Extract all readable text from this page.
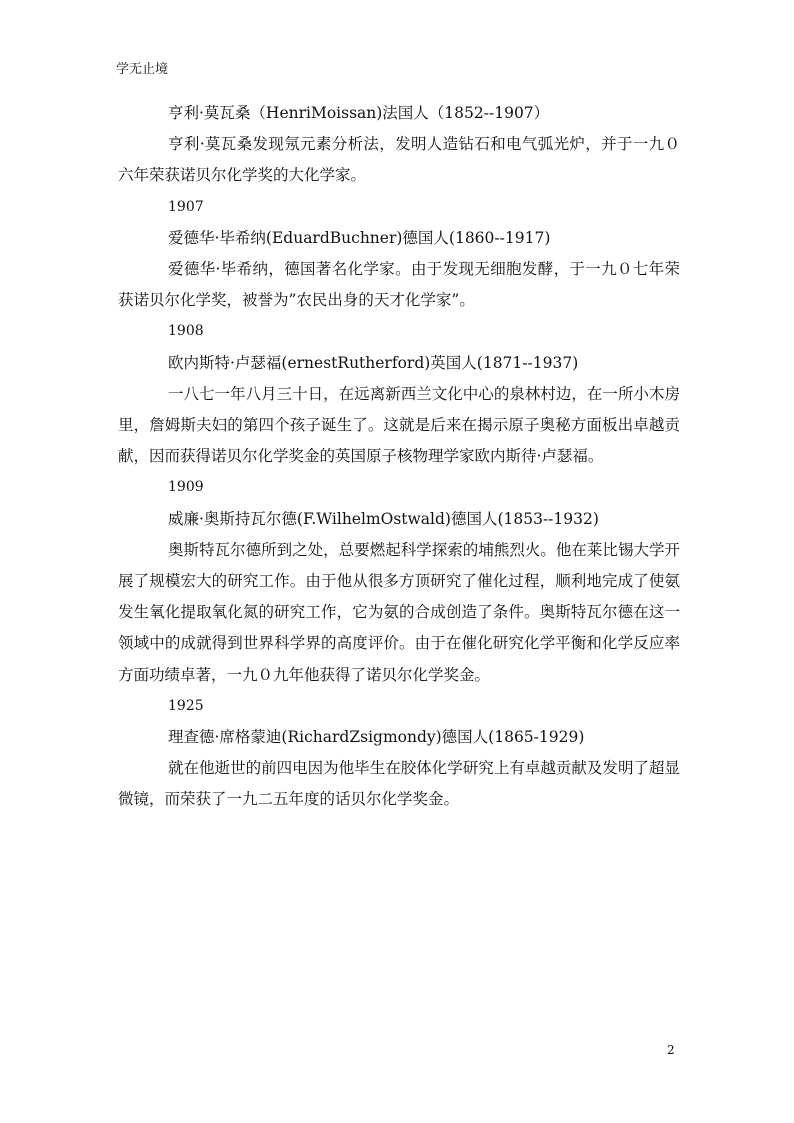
学无止境
亨利·莫瓦桑（HenriMoissan)法国人（1852--1907）
亨利·莫瓦桑发现氖元素分析法，发明人造钻石和电气弧光炉，并于一九０六年荣获诺贝尔化学奖的大化学家。
1907
爱德华·毕希纳(EduardBuchner)德国人(1860--1917)
爱德华·毕希纳，德国著名化学家。由于发现无细胞发酵，于一九０七年荣获诺贝尔化学奖，被誉为”农民出身的天才化学家”。
1908
欧内斯特·卢瑟福(ernestRutherford)英国人(1871--1937)
一八七一年八月三十日，在远离新西兰文化中心的泉林村边，在一所小木房里，詹姆斯夫妇的第四个孩子诞生了。这就是后来在揭示原子奥秘方面板出卓越贡献，因而获得诺贝尔化学奖金的英国原子核物理学家欧内斯待·卢瑟福。
1909
威廉·奥斯持瓦尔德(F.WilhelmOstwald)德国人(1853--1932)
奥斯特瓦尔德所到之处，总要燃起科学探索的埔熊烈火。他在莱比锡大学开展了规模宏大的研究工作。由于他从很多方顶研究了催化过程，顺利地完成了使氨发生氧化提取氧化氮的研究工作，它为氨的合成创造了条件。奥斯特瓦尔德在这一领域中的成就得到世界科学界的高度评价。由于在催化研究化学平衡和化学反应率方面功绩卓著，一九０九年他获得了诺贝尔化学奖金。
1925
理查德·席格蒙迪(RichardZsigmondy)德国人(1865-1929)
就在他逝世的前四电因为他毕生在胶体化学研究上有卓越贡献及发明了超显微镜，而荣获了一九二五年度的话贝尔化学奖金。
2
